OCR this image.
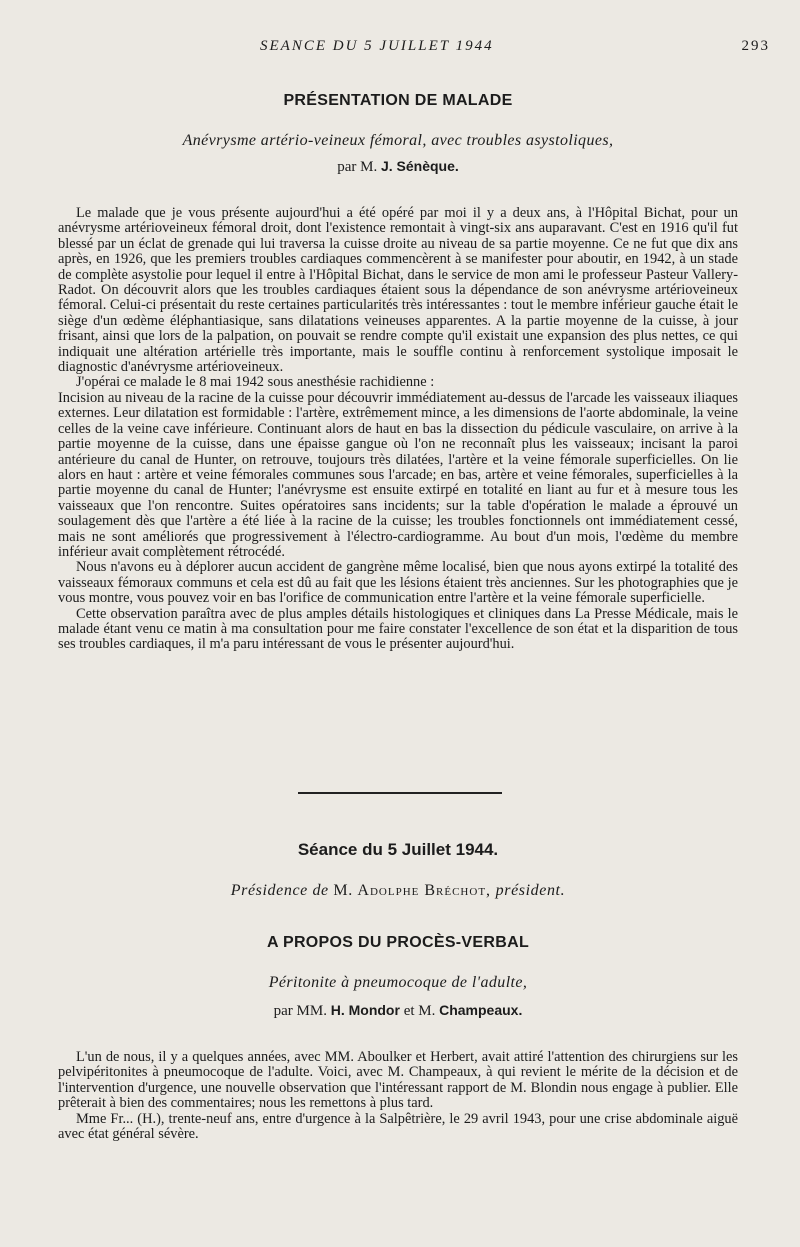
SEANCE DU 5 JUILLET 1944	293
PRÉSENTATION DE MALADE
Anévrysme artério-veineux fémoral, avec troubles asystoliques,
par M. J. Sénèque.

Le malade que je vous présente aujourd'hui a été opéré par moi il y a deux ans, à l'Hôpital Bichat, pour un anévrysme artérioveineux fémoral droit, dont l'existence remontait à vingt-six ans auparavant. C'est en 1916 qu'il fut blessé par un éclat de grenade qui lui traversa la cuisse droite au niveau de sa partie moyenne. Ce ne fut que dix ans après, en 1926, que les premiers troubles cardiaques commencèrent à se manifester pour aboutir, en 1942, à un stade de complète asystolie pour lequel il entre à l'Hôpital Bichat, dans le service de mon ami le professeur Pasteur Vallery-Radot. On découvrit alors que les troubles cardiaques étaient sous la dépendance de son anévrysme artérioveineux fémoral. Celui-ci présentait du reste certaines particularités très intéressantes : tout le membre inférieur gauche était le siège d'un œdème éléphantiasique, sans dilatations veineuses apparentes. A la partie moyenne de la cuisse, à jour frisant, ainsi que lors de la palpation, on pouvait se rendre compte qu'il existait une expansion des plus nettes, ce qui indiquait une altération artérielle très importante, mais le souffle continu à renforcement systolique imposait le diagnostic d'anévrysme artérioveineux.

J'opérai ce malade le 8 mai 1942 sous anesthésie rachidienne :

Incision au niveau de la racine de la cuisse pour découvrir immédiatement au-dessus de l'arcade les vaisseaux iliaques externes. Leur dilatation est formidable : l'artère, extrêmement mince, a les dimensions de l'aorte abdominale, la veine celles de la veine cave inférieure. Continuant alors de haut en bas la dissection du pédicule vasculaire, on arrive à la partie moyenne de la cuisse, dans une épaisse gangue où l'on ne reconnaît plus les vaisseaux; incisant la paroi antérieure du canal de Hunter, on retrouve, toujours très dilatées, l'artère et la veine fémorale superficielles. On lie alors en haut : artère et veine fémorales communes sous l'arcade; en bas, artère et veine fémorales, superficielles à la partie moyenne du canal de Hunter; l'anévrysme est ensuite extirpé en totalité en liant au fur et à mesure tous les vaisseaux que l'on rencontre. Suites opératoires sans incidents; sur la table d'opération le malade a éprouvé un soulagement dès que l'artère a été liée à la racine de la cuisse; les troubles fonctionnels ont immédiatement cessé, mais ne sont améliorés que progressivement à l'électro-cardiogramme. Au bout d'un mois, l'œdème du membre inférieur avait complètement rétrocédé.

Nous n'avons eu à déplorer aucun accident de gangrène même localisé, bien que nous ayons extirpé la totalité des vaisseaux fémoraux communs et cela est dû au fait que les lésions étaient très anciennes. Sur les photographies que je vous montre, vous pouvez voir en bas l'orifice de communication entre l'artère et la veine fémorale superficielle.

Cette observation paraîtra avec de plus amples détails histologiques et cliniques dans La Presse Médicale, mais le malade étant venu ce matin à ma consultation pour me faire constater l'excellence de son état et la disparition de tous ses troubles cardiaques, il m'a paru intéressant de vous le présenter aujourd'hui.

Séance du 5 Juillet 1944.
Présidence de M. Adolphe Bréchot, président.
A PROPOS DU PROCÈS-VERBAL
Péritonite à pneumocoque de l'adulte,
par MM. H. Mondor et M. Champeaux.

L'un de nous, il y a quelques années, avec MM. Aboulker et Herbert, avait attiré l'attention des chirurgiens sur les pelvipéritonites à pneumocoque de l'adulte. Voici, avec M. Champeaux, à qui revient le mérite de la décision et de l'intervention d'urgence, une nouvelle observation que l'intéressant rapport de M. Blondin nous engage à publier. Elle prêterait à bien des commentaires; nous les remettons à plus tard.

Mme Fr... (H.), trente-neuf ans, entre d'urgence à la Salpêtrière, le 29 avril 1943, pour une crise abdominale aiguë avec état général sévère.
